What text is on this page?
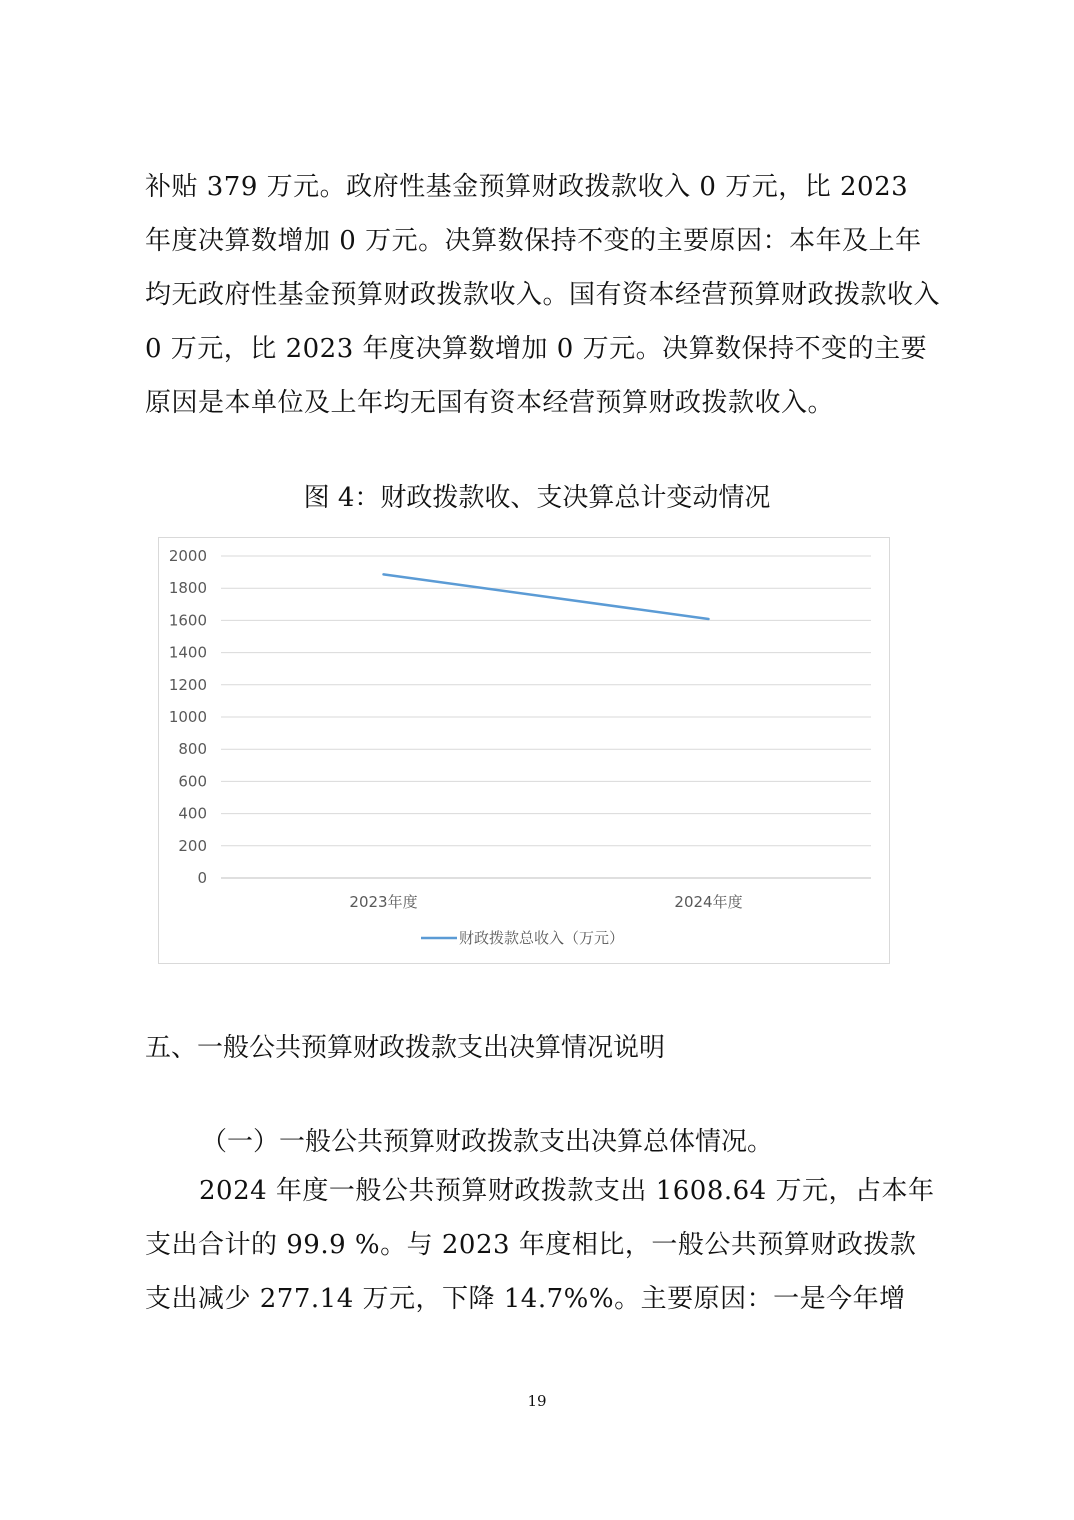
补贴 379 万元。政府性基金预算财政拨款收入 0 万元，比 2023 年度决算数增加 0 万元。决算数保持不变的主要原因：本年及上年均无政府性基金预算财政拨款收入。国有资本经营预算财政拨款收入 0 万元，比 2023 年度决算数增加 0 万元。决算数保持不变的主要原因是本单位及上年均无国有资本经营预算财政拨款收入。
图 4：财政拨款收、支决算总计变动情况
0
200
400
600
800
1000
1200
1400
1600
1800
2000
2023年度	2024年度
财政拨款总收入（万元）
五、一般公共预算财政拨款支出决算情况说明
（一）一般公共预算财政拨款支出决算总体情况。
2024 年度一般公共预算财政拨款支出 1608.64 万元，占本年支出合计的 99.9 %。与 2023 年度相比，一般公共预算财政拨款支出减少 277.14 万元，下降 14.7%%。主要原因：一是今年增
19
